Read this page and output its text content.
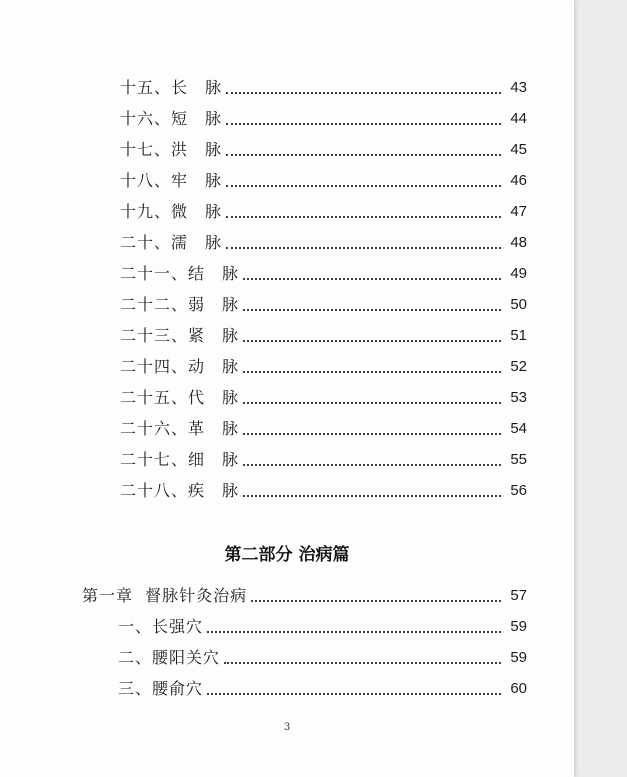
十五、长　脉	43
十六、短　脉	44
十七、洪　脉	45
十八、牢　脉	46
十九、微　脉	47
二十、濡　脉	48
二十一、结　脉	49
二十二、弱　脉	50
二十三、紧　脉	51
二十四、动　脉	52
二十五、代　脉	53
二十六、革　脉	54
二十七、细　脉	55
二十八、疾　脉	56
第二部分 治病篇
第一章  督脉针灸治病	57
一、长强穴	59
二、腰阳关穴	59
三、腰俞穴	60
3
